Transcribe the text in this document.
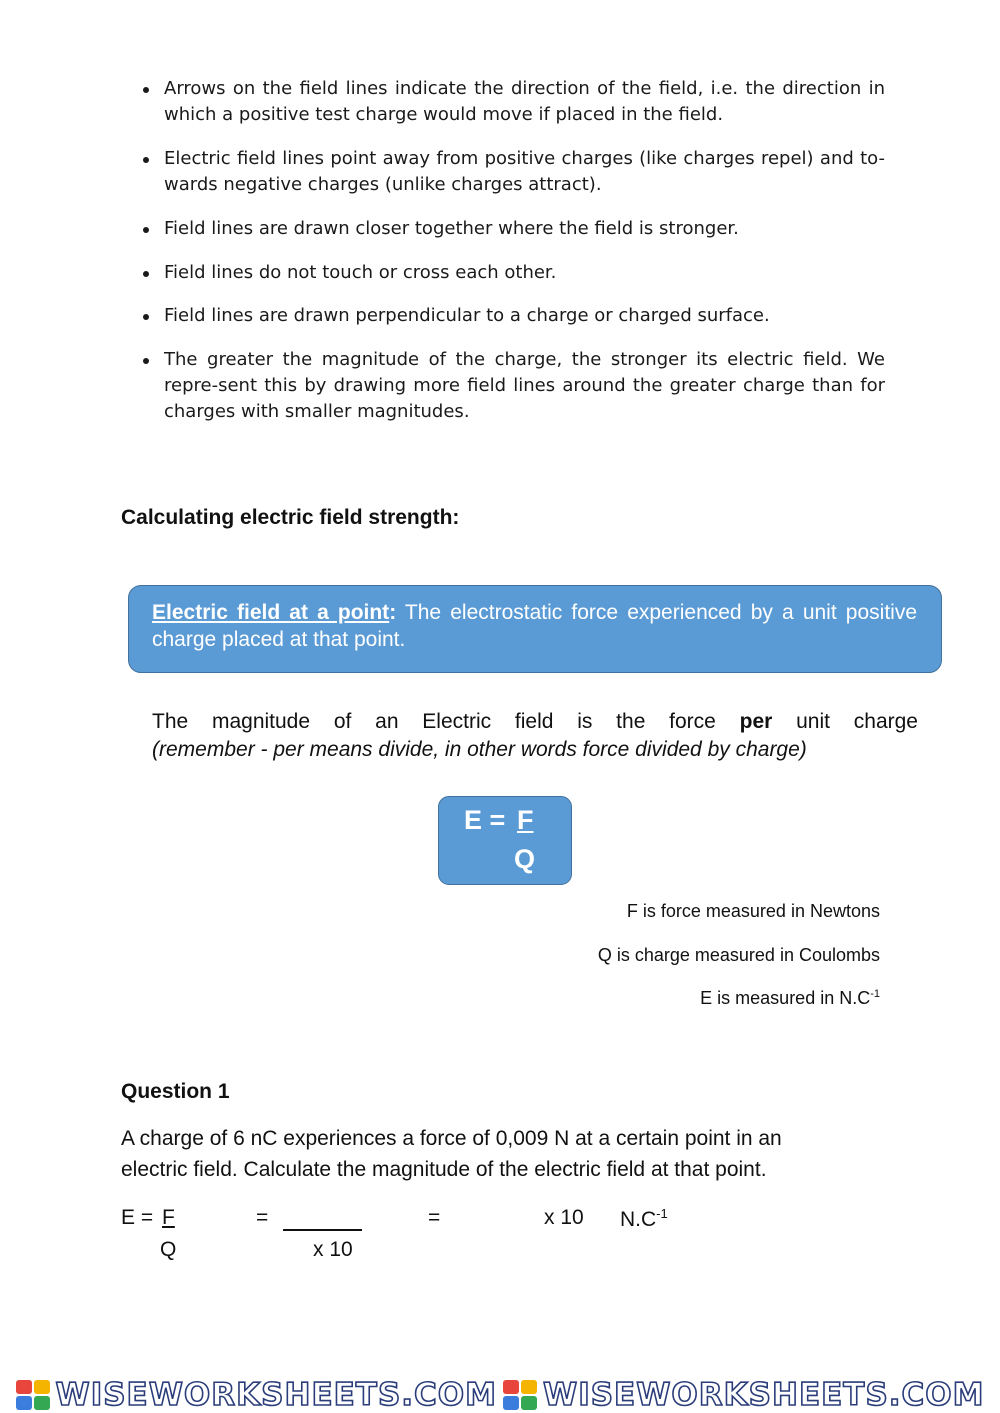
Arrows on the field lines indicate the direction of the field, i.e. the direction in which a positive test charge would move if placed in the field.
Electric field lines point away from positive charges (like charges repel) and to-wards negative charges (unlike charges attract).
Field lines are drawn closer together where the field is stronger.
Field lines do not touch or cross each other.
Field lines are drawn perpendicular to a charge or charged surface.
The greater the magnitude of the charge, the stronger its electric field. We repre-sent this by drawing more field lines around the greater charge than for charges with smaller magnitudes.
Calculating electric field strength:
Electric field at a point: The electrostatic force experienced by a unit positive charge placed at that point.
The magnitude of an Electric field is the force per unit charge
(remember - per means divide, in other words force divided by charge)
E = F
Q
F is force measured in Newtons
Q is charge measured in Coulombs
E is measured in $N.C^{-1}$
Question 1
A charge of 6 nC experiences a force of 0,009 N at a certain point in an
electric field. Calculate the magnitude of the electric field at that point.
E = F
Q
=
x 10
=	x 10 $N.C^{-1}$
WISEWORKSHEETS.COM WISEWORKSHEETS.COM
